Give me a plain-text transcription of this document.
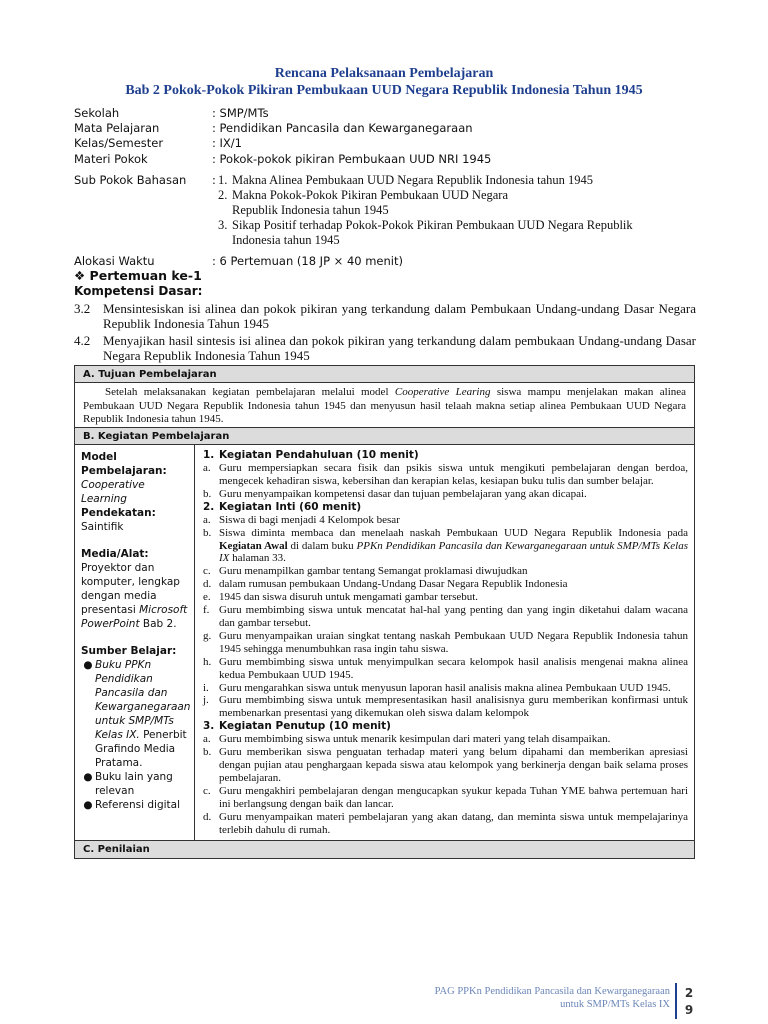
Rencana Pelaksanaan Pembelajaran
Bab 2 Pokok-Pokok Pikiran Pembukaan UUD Negara Republik Indonesia Tahun 1945
Sekolah	: SMP/MTs
Mata Pelajaran	: Pendidikan Pancasila dan Kewarganegaraan
Kelas/Semester	: IX/1
Materi Pokok	: Pokok-pokok pikiran Pembukaan UUD NRI 1945
Sub Pokok Bahasan : 1. Makna Alinea Pembukaan UUD Negara Republik Indonesia tahun 1945
2. Makna Pokok-Pokok Pikiran Pembukaan UUD Negara Republik Indonesia tahun 1945
3. Sikap Positif terhadap Pokok-Pokok Pikiran Pembukaan UUD Negara Republik Indonesia tahun 1945
Alokasi Waktu	: 6 Pertemuan (18 JP × 40 menit)
❖ Pertemuan ke-1
Kompetensi Dasar:
3.2 Mensintesiskan isi alinea dan pokok pikiran yang terkandung dalam Pembukaan Undang-undang Dasar Negara Republik Indonesia Tahun 1945
4.2 Menyajikan hasil sintesis isi alinea dan pokok pikiran yang terkandung dalam pembukaan Undang-undang Dasar Negara Republik Indonesia Tahun 1945
A. Tujuan Pembelajaran
Setelah melaksanakan kegiatan pembelajaran melalui model Cooperative Learing siswa mampu menjelakan makan alinea Pembukaan UUD Negara Republik Indonesia tahun 1945 dan menyusun hasil telaah makna setiap alinea Pembukaan UUD Negara Republik Indonesia tahun 1945.
B. Kegiatan Pembelajaran
Model Pembelajaran:
Cooperative Learning
Pendekatan:
Saintifik
Media/Alat:
Proyektor dan komputer, lengkap dengan media presentasi Microsoft PowerPoint Bab 2.
Sumber Belajar:
● Buku PPKn Pendidikan Pancasila dan Kewarganegaraan untuk SMP/MTs Kelas IX. Penerbit Grafindo Media Pratama.
● Buku lain yang relevan
● Referensi digital
1. Kegiatan Pendahuluan (10 menit)
a. Guru mempersiapkan secara fisik dan psikis siswa untuk mengikuti pembelajaran dengan berdoa, mengecek kehadiran siswa, kebersihan dan kerapian kelas, kesiapan buku tulis dan sumber belajar.
b. Guru menyampaikan kompetensi dasar dan tujuan pembelajaran yang akan dicapai.
2. Kegiatan Inti (60 menit)
a. Siswa di bagi menjadi 4 Kelompok besar
b. Siswa diminta membaca dan menelaah naskah Pembukaan UUD Negara Republik Indonesia pada Kegiatan Awal di dalam buku PPKn Pendidikan Pancasila dan Kewarganegaraan untuk SMP/MTs Kelas IX halaman 33.
c. Guru menampilkan gambar tentang Semangat proklamasi diwujudkan
d. dalam rumusan pembukaan Undang-Undang Dasar Negara Republik Indonesia
e. 1945 dan siswa disuruh untuk mengamati gambar tersebut.
f. Guru membimbing siswa untuk mencatat hal-hal yang penting dan yang ingin diketahui dalam wacana dan gambar tersebut.
g. Guru menyampaikan uraian singkat tentang naskah Pembukaan UUD Negara Republik Indonesia tahun 1945 sehingga menumbuhkan rasa ingin tahu siswa.
h. Guru membimbing siswa untuk menyimpulkan secara kelompok hasil analisis mengenai makna alinea kedua Pembukaan UUD 1945.
i. Guru mengarahkan siswa untuk menyusun laporan hasil analisis makna alinea Pembukaan UUD 1945.
j. Guru membimbing siswa untuk mempresentasikan hasil analisisnya guru memberikan konfirmasi untuk membenarkan presentasi yang dikemukan oleh siswa dalam kelompok
3. Kegiatan Penutup (10 menit)
a. Guru membimbing siswa untuk menarik kesimpulan dari materi yang telah disampaikan.
b. Guru memberikan siswa penguatan terhadap materi yang belum dipahami dan memberikan apresiasi dengan pujian atau penghargaan kepada siswa atau kelompok yang berkinerja dengan baik selama proses pembelajaran.
c. Guru mengakhiri pembelajaran dengan mengucapkan syukur kepada Tuhan YME bahwa pertemuan hari ini berlangsung dengan baik dan lancar.
d. Guru menyampaikan materi pembelajaran yang akan datang, dan meminta siswa untuk mempelajarinya terlebih dahulu di rumah.
C. Penilaian
PAG PPKn Pendidikan Pancasila dan Kewarganegaraan
untuk SMP/MTs Kelas IX
2
9
